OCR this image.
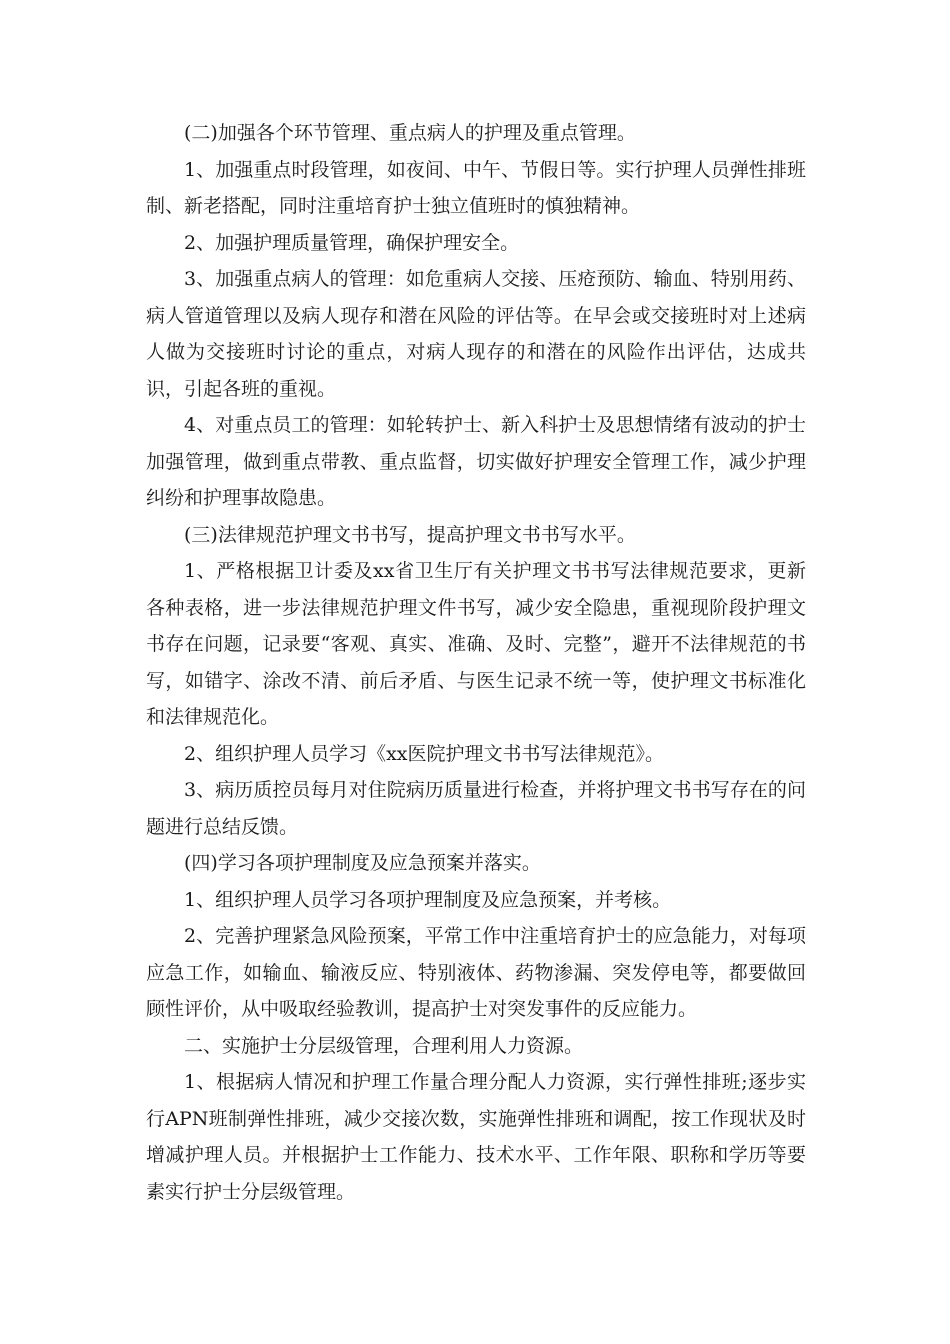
(二)加强各个环节管理、重点病人的护理及重点管理。

1、加强重点时段管理，如夜间、中午、节假日等。实行护理人员弹性排班制、新老搭配，同时注重培育护士独立值班时的慎独精神。

2、加强护理质量管理，确保护理安全。

3、加强重点病人的管理：如危重病人交接、压疮预防、输血、特别用药、病人管道管理以及病人现存和潜在风险的评估等。在早会或交接班时对上述病人做为交接班时讨论的重点，对病人现存的和潜在的风险作出评估，达成共识，引起各班的重视。

4、对重点员工的管理：如轮转护士、新入科护士及思想情绪有波动的护士加强管理，做到重点带教、重点监督，切实做好护理安全管理工作，减少护理纠纷和护理事故隐患。

(三)法律规范护理文书书写，提高护理文书书写水平。

1、严格根据卫计委及xx省卫生厅有关护理文书书写法律规范要求，更新各种表格，进一步法律规范护理文件书写，减少安全隐患，重视现阶段护理文书存在问题，记录要“客观、真实、准确、及时、完整”，避开不法律规范的书写，如错字、涂改不清、前后矛盾、与医生记录不统一等，使护理文书标准化和法律规范化。

2、组织护理人员学习《xx医院护理文书书写法律规范》。

3、病历质控员每月对住院病历质量进行检查，并将护理文书书写存在的问题进行总结反馈。

(四)学习各项护理制度及应急预案并落实。

1、组织护理人员学习各项护理制度及应急预案，并考核。

2、完善护理紧急风险预案，平常工作中注重培育护士的应急能力，对每项应急工作，如输血、输液反应、特别液体、药物渗漏、突发停电等，都要做回顾性评价，从中吸取经验教训，提高护士对突发事件的反应能力。

二、实施护士分层级管理，合理利用人力资源。

1、根据病人情况和护理工作量合理分配人力资源，实行弹性排班;逐步实行APN班制弹性排班，减少交接次数，实施弹性排班和调配，按工作现状及时增减护理人员。并根据护士工作能力、技术水平、工作年限、职称和学历等要素实行护士分层级管理。
